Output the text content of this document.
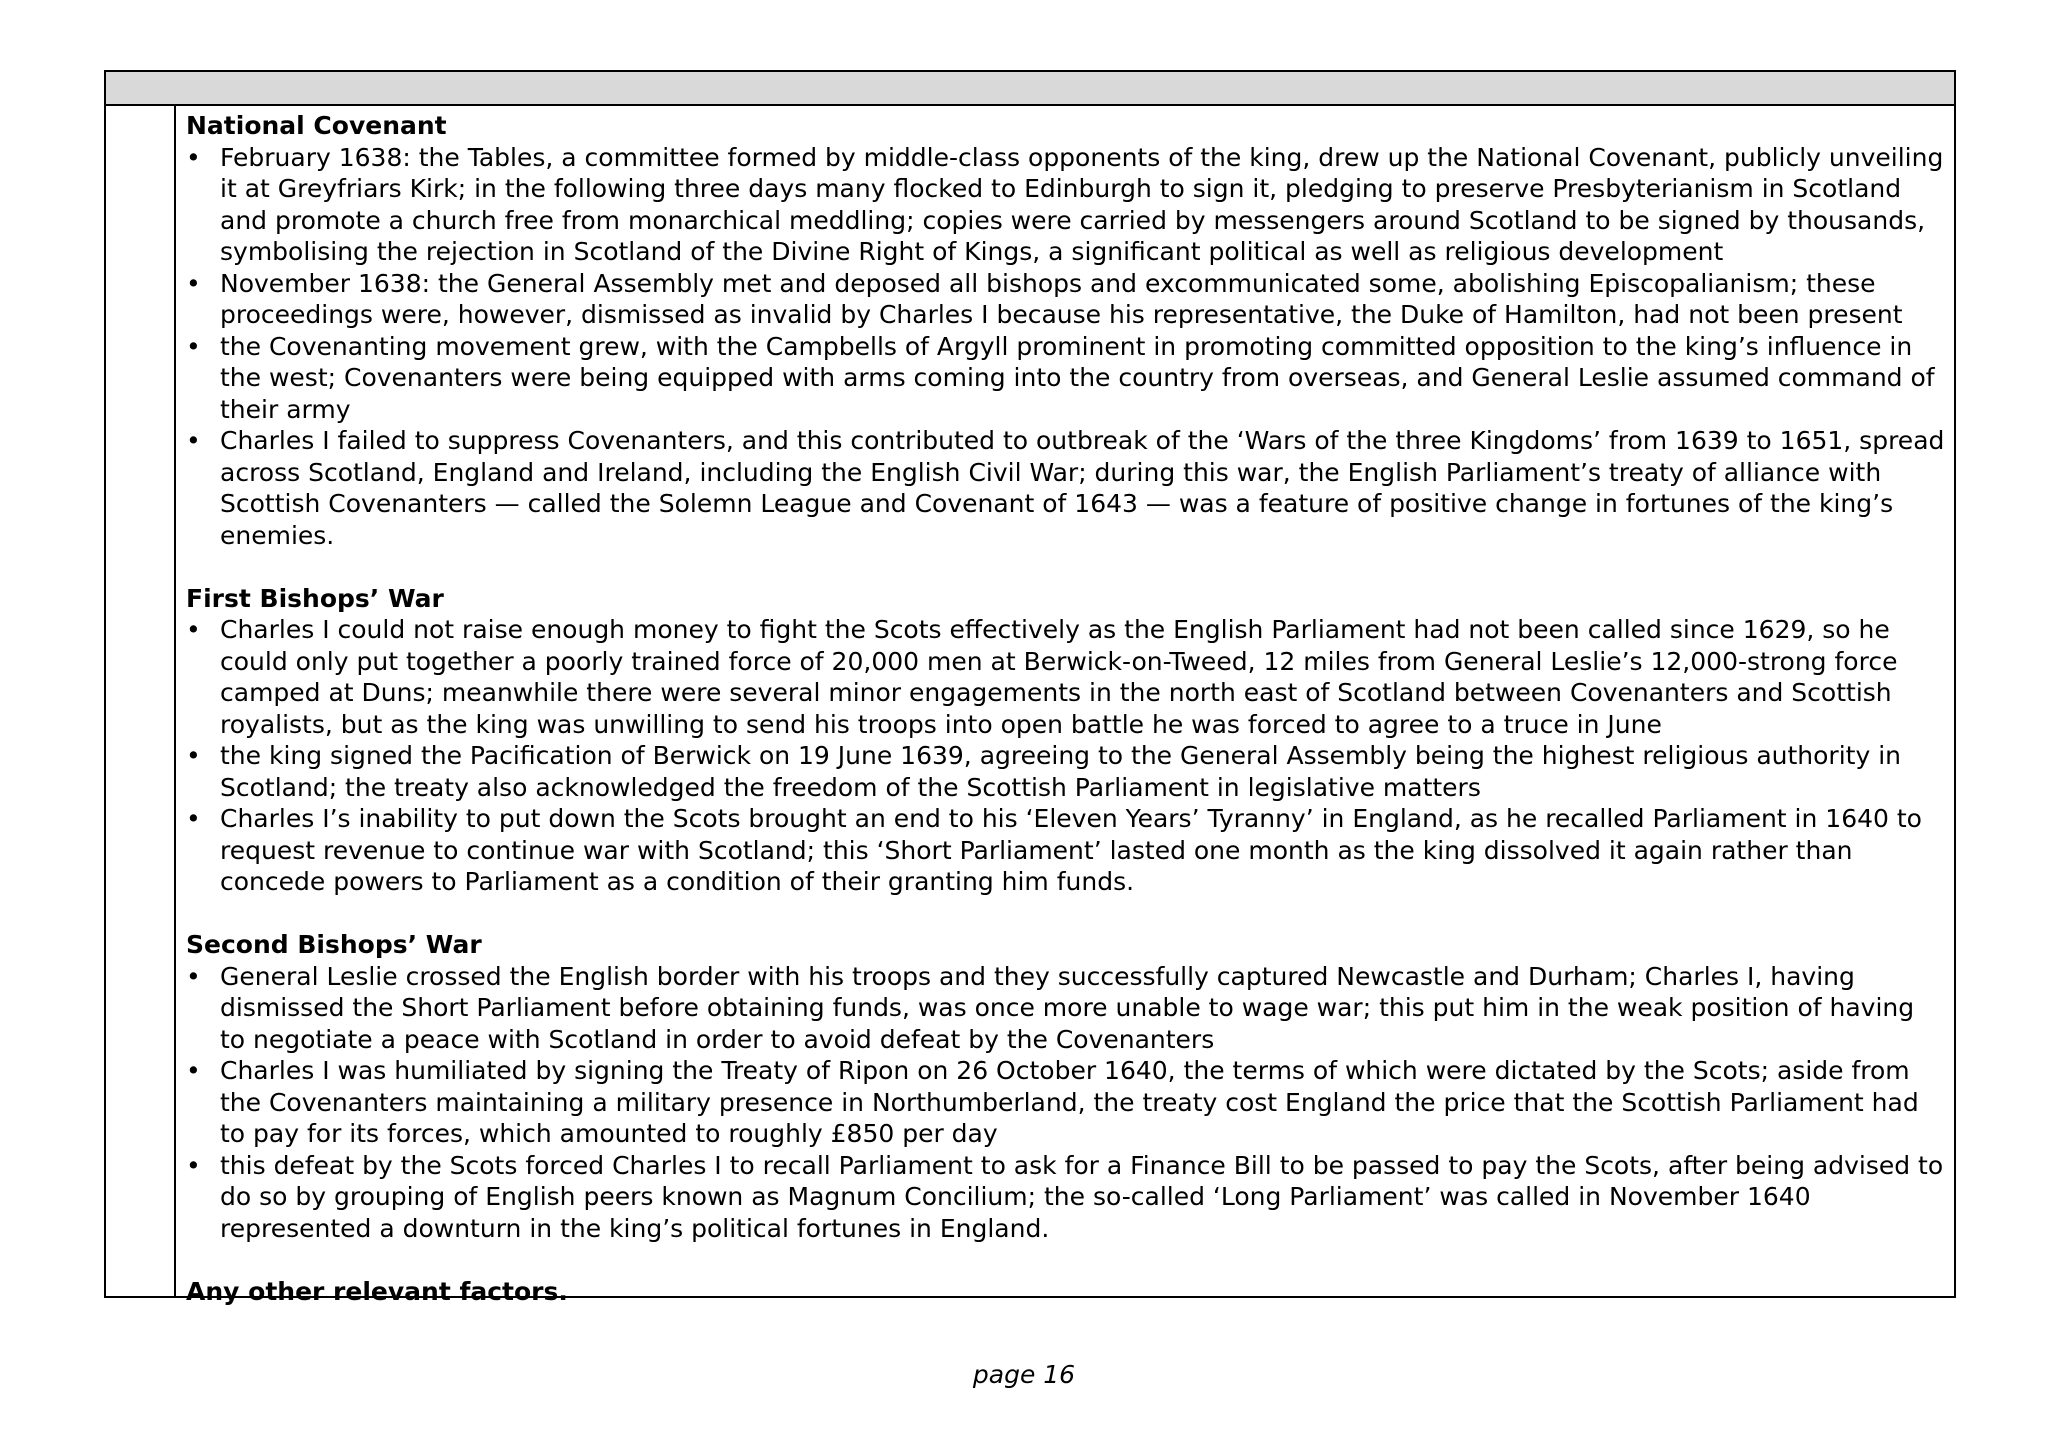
National Covenant

• February 1638: the Tables, a committee formed by middle-class opponents of the king, drew up the National Covenant, publicly unveiling it at Greyfriars Kirk; in the following three days many flocked to Edinburgh to sign it, pledging to preserve Presbyterianism in Scotland and promote a church free from monarchical meddling; copies were carried by messengers around Scotland to be signed by thousands, symbolising the rejection in Scotland of the Divine Right of Kings, a significant political as well as religious development
• November 1638: the General Assembly met and deposed all bishops and excommunicated some, abolishing Episcopalianism; these proceedings were, however, dismissed as invalid by Charles I because his representative, the Duke of Hamilton, had not been present
• the Covenanting movement grew, with the Campbells of Argyll prominent in promoting committed opposition to the king’s influence in the west; Covenanters were being equipped with arms coming into the country from overseas, and General Leslie assumed command of their army
• Charles I failed to suppress Covenanters, and this contributed to outbreak of the ‘Wars of the three Kingdoms’ from 1639 to 1651, spread across Scotland, England and Ireland, including the English Civil War; during this war, the English Parliament’s treaty of alliance with Scottish Covenanters — called the Solemn League and Covenant of 1643 — was a feature of positive change in fortunes of the king’s enemies.

First Bishops’ War

• Charles I could not raise enough money to fight the Scots effectively as the English Parliament had not been called since 1629, so he could only put together a poorly trained force of 20,000 men at Berwick-on-Tweed, 12 miles from General Leslie’s 12,000-strong force camped at Duns; meanwhile there were several minor engagements in the north east of Scotland between Covenanters and Scottish royalists, but as the king was unwilling to send his troops into open battle he was forced to agree to a truce in June
• the king signed the Pacification of Berwick on 19 June 1639, agreeing to the General Assembly being the highest religious authority in Scotland; the treaty also acknowledged the freedom of the Scottish Parliament in legislative matters
• Charles I’s inability to put down the Scots brought an end to his ‘Eleven Years’ Tyranny’ in England, as he recalled Parliament in 1640 to request revenue to continue war with Scotland; this ‘Short Parliament’ lasted one month as the king dissolved it again rather than concede powers to Parliament as a condition of their granting him funds.

Second Bishops’ War

• General Leslie crossed the English border with his troops and they successfully captured Newcastle and Durham; Charles I, having dismissed the Short Parliament before obtaining funds, was once more unable to wage war; this put him in the weak position of having to negotiate a peace with Scotland in order to avoid defeat by the Covenanters
• Charles I was humiliated by signing the Treaty of Ripon on 26 October 1640, the terms of which were dictated by the Scots; aside from the Covenanters maintaining a military presence in Northumberland, the treaty cost England the price that the Scottish Parliament had to pay for its forces, which amounted to roughly £850 per day
• this defeat by the Scots forced Charles I to recall Parliament to ask for a Finance Bill to be passed to pay the Scots, after being advised to do so by grouping of English peers known as Magnum Concilium; the so-called ‘Long Parliament’ was called in November 1640 represented a downturn in the king’s political fortunes in England.

Any other relevant factors.

page 16
